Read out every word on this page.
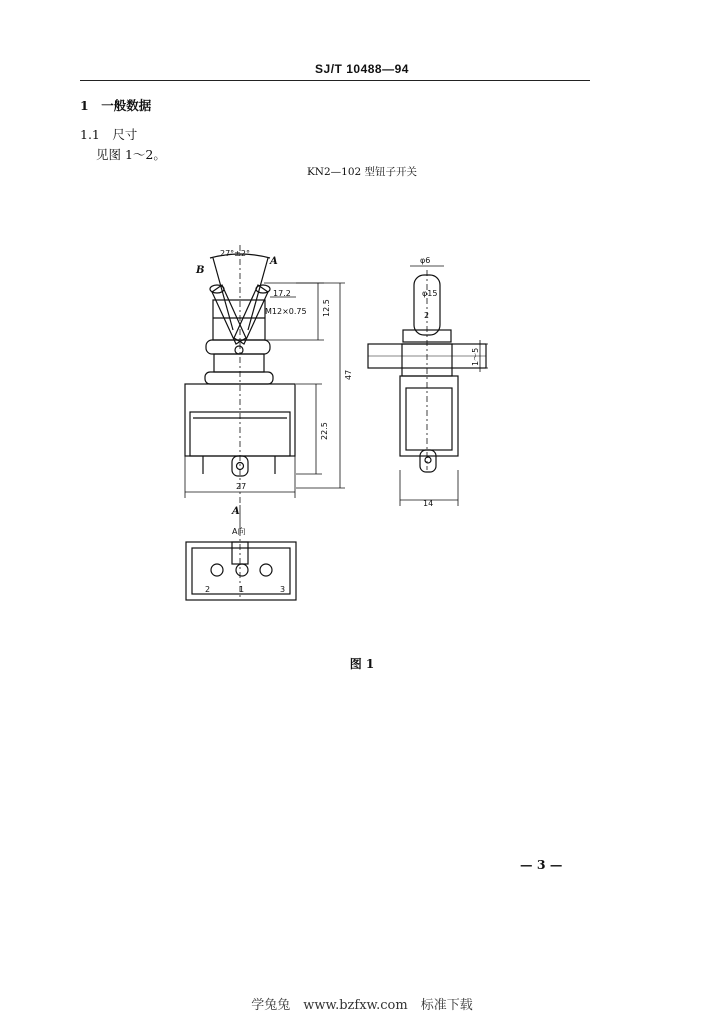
SJ/T 10488—94
1　一般数据
1.1　尺寸
见图 1～2。
KN2—102 型钮子开关
27°±2°
B
A
17.2
M12×0.75 12.5
47
22.5
27
φ6
φ15
2
1～5
14
A
A向
2	1	3
图 1
— 3 —
学兔兔　www.bzfxw.com　标准下载
